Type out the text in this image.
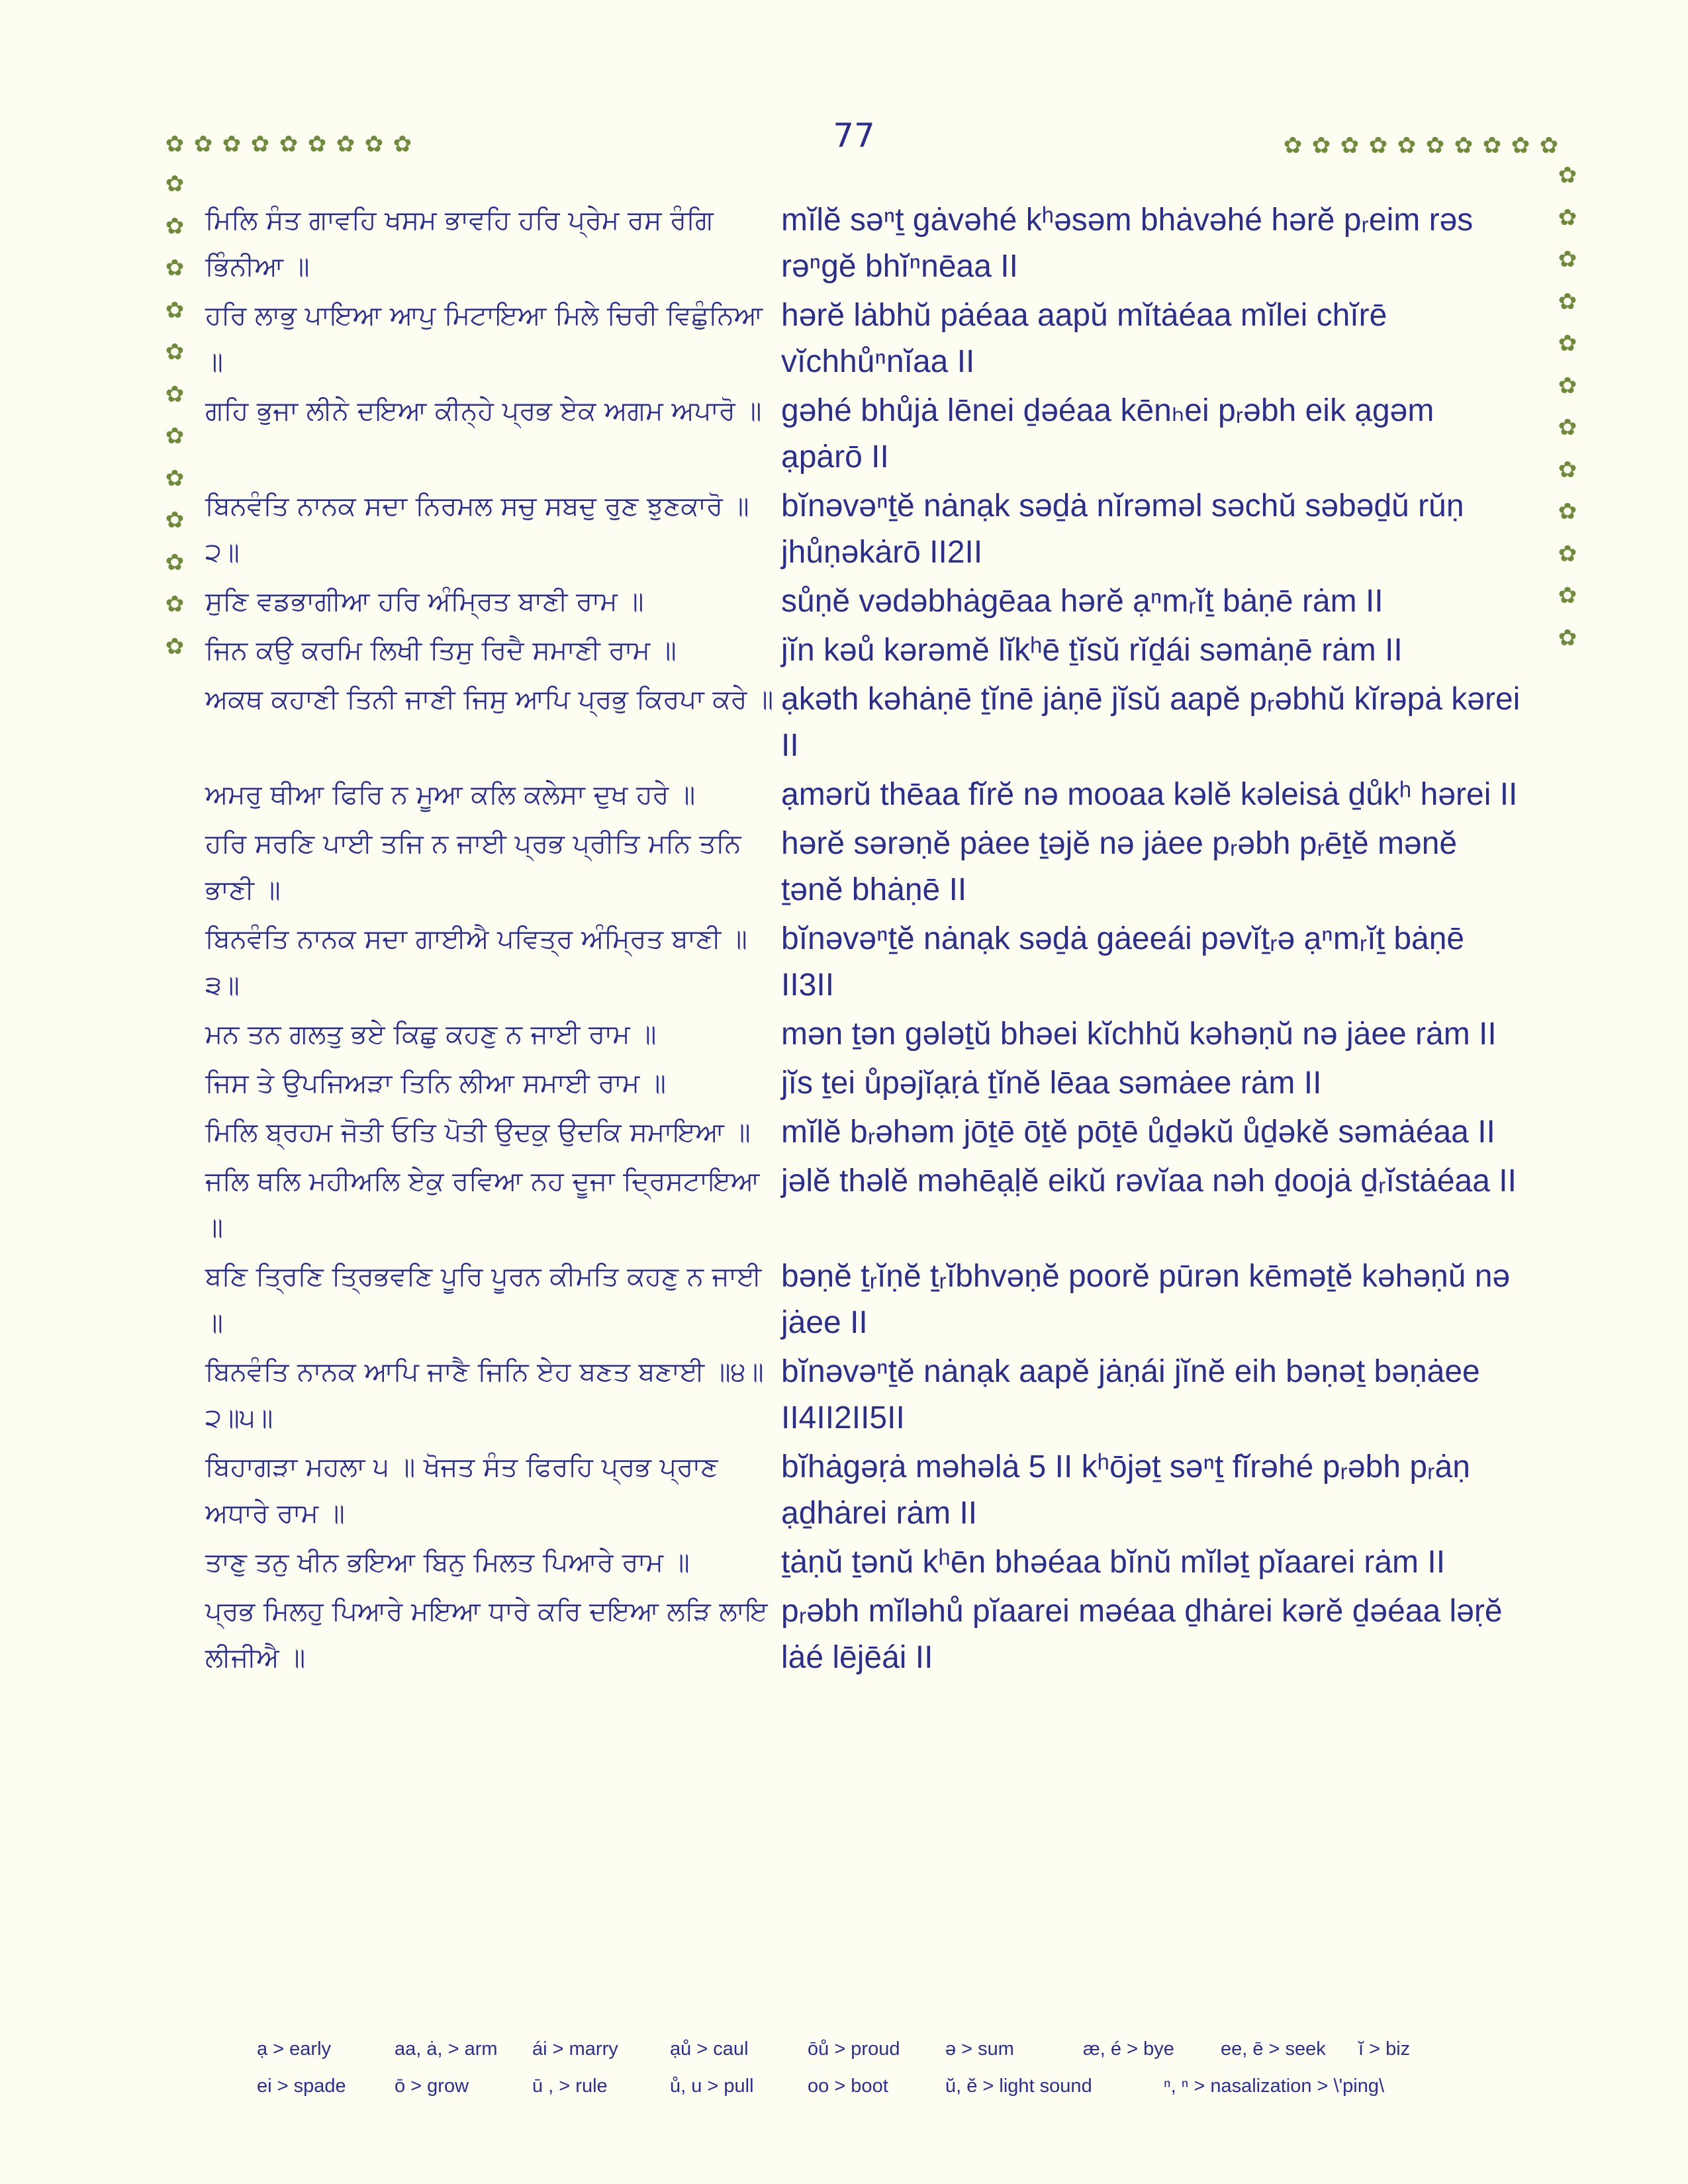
77
✿ ✿ ✿ ✿ ✿ ✿ ✿ ✿ ✿	✿ ✿ ✿ ✿ ✿ ✿ ✿ ✿ ✿ ✿
✿
✿
✿
✿
✿
✿
✿
✿
✿
✿
✿
✿
✿
✿
✿
✿
✿
✿
✿
✿
✿
✿
✿
✿
ਮਿਲਿ ਸੰਤ ਗਾਵਹਿ ਖਸਮ ਭਾਵਹਿ ਹਰਿ ਪ੍ਰੇਮ ਰਸ ਰੰਗਿ ਭਿੰਨੀਆ ॥
mĭlĕ səⁿṯ gȧvəhé kʰəsəm bhȧvəhé hərĕ pᵣeim rəs rəⁿgĕ bhĭⁿnēaa II
ਹਰਿ ਲਾਭੁ ਪਾਇਆ ਆਪੁ ਮਿਟਾਇਆ ਮਿਲੇ ਚਿਰੀ ਵਿਛੁੰਨਿਆ ॥
hərĕ lȧbhŭ pȧéaa aapŭ mĭtȧéaa mĭlei chĭrē vĭchhůⁿnĭaa II
ਗਹਿ ਭੁਜਾ ਲੀਨੇ ਦਇਆ ਕੀਨ੍ਹੇ ਪ੍ਰਭ ਏਕ ਅਗਮ ਅਪਾਰੋ ॥ gəhé bhůjȧ lēnei ḏəéaa kēnₕei pᵣəbh eik ạgəm ạpȧrō II
ਬਿਨਵੰਤਿ ਨਾਨਕ ਸਦਾ ਨਿਰਮਲ ਸਚੁ ਸਬਦੁ ਰੁਣ ਝੁਣਕਾਰੋ ॥੨॥
bĭnəvəⁿṯĕ nȧnạk səḏȧ nĭrəməl səchŭ səbəḏŭ rŭṇ jhůṇəkȧrō II2II
ਸੁਣਿ ਵਡਭਾਗੀਆ ਹਰਿ ਅੰਮ੍ਰਿਤ ਬਾਣੀ ਰਾਮ ॥	sůṇĕ vədəbhȧgēaa hərĕ ạⁿmᵣĭṯ bȧṇē rȧm II
ਜਿਨ ਕਉ ਕਰਮਿ ਲਿਖੀ ਤਿਸੁ ਰਿਦੈ ਸਮਾਣੀ ਰਾਮ ॥	jĭn kəů kərəmĕ lĭkʰē ṯĭsŭ rĭḏái səmȧṇē rȧm II
ਅਕਥ ਕਹਾਣੀ ਤਿਨੀ ਜਾਣੀ ਜਿਸੁ ਆਪਿ ਪ੍ਰਭੁ ਕਿਰਪਾ ਕਰੇ ॥ ạkəth kəhȧṇē ṯĭnē jȧṇē jĭsŭ aapĕ pᵣəbhŭ kĭrəpȧ kərei II
ਅਮਰੁ ਥੀਆ ਫਿਰਿ ਨ ਮੂਆ ਕਲਿ ਕਲੇਸਾ ਦੁਖ ਹਰੇ ॥	ạmərŭ thēaa fĭrĕ nə mooaa kəlĕ kəleisȧ ḏůkʰ hərei II
ਹਰਿ ਸਰਣਿ ਪਾਈ ਤਜਿ ਨ ਜਾਈ ਪ੍ਰਭ ਪ੍ਰੀਤਿ ਮਨਿ ਤਨਿ ਭਾਣੀ ॥
hərĕ sərəṇĕ pȧee ṯəjĕ nə jȧee pᵣəbh pᵣēṯĕ mənĕ ṯənĕ bhȧṇē II
ਬਿਨਵੰਤਿ ਨਾਨਕ ਸਦਾ ਗਾਈਐ ਪਵਿਤ੍ਰ ਅੰਮ੍ਰਿਤ ਬਾਣੀ ॥੩॥
bĭnəvəⁿṯĕ nȧnạk səḏȧ gȧeeái pəvĭṯᵣə ạⁿmᵣĭṯ bȧṇē II3II
ਮਨ ਤਨ ਗਲਤੁ ਭਏ ਕਿਛੁ ਕਹਣੁ ਨ ਜਾਈ ਰਾਮ ॥	mən ṯən gələṯŭ bhəei kĭchhŭ kəhəṇŭ nə jȧee rȧm II
ਜਿਸ ਤੇ ਉਪਜਿਅੜਾ ਤਿਨਿ ਲੀਆ ਸਮਾਈ ਰਾਮ ॥	jĭs ṯei ůpəjĭạṛȧ ṯĭnĕ lēaa səmȧee rȧm II
ਮਿਲਿ ਬ੍ਰਹਮ ਜੋਤੀ ਓਤਿ ਪੋਤੀ ਉਦਕੁ ਉਦਕਿ ਸਮਾਇਆ ॥ mĭlĕ bᵣəhəm jōṯē ōṯĕ pōṯē ůḏəkŭ ůḏəkĕ səmȧéaa II
ਜਲਿ ਥਲਿ ਮਹੀਅਲਿ ਏਕੁ ਰਵਿਆ ਨਹ ਦੂਜਾ ਦ੍ਰਿਸਟਾਇਆ ॥
jəlĕ thəlĕ məhēạḷĕ eikŭ rəvĭaa nəh ḏoojȧ ḏᵣĭstȧéaa II
ਬਣਿ ਤ੍ਰਿਣਿ ਤ੍ਰਿਭਵਣਿ ਪੂਰਿ ਪੂਰਨ ਕੀਮਤਿ ਕਹਣੁ ਨ ਜਾਈ ॥
bəṇĕ ṯᵣĭṇĕ ṯᵣĭbhvəṇĕ poorĕ pūrən kēməṯĕ kəhəṇŭ nə jȧee II
ਬਿਨਵੰਤਿ ਨਾਨਕ ਆਪਿ ਜਾਣੈ ਜਿਨਿ ਏਹ ਬਣਤ ਬਣਾਈ ॥੪॥੨॥੫॥
bĭnəvəⁿṯĕ nȧnạk aapĕ jȧṇái jĭnĕ eih bəṇəṯ bəṇȧee II4II2II5II
ਬਿਹਾਗੜਾ ਮਹਲਾ ੫ ॥ ਖੋਜਤ ਸੰਤ ਫਿਰਹਿ ਪ੍ਰਭ ਪ੍ਰਾਣ ਅਧਾਰੇ ਰਾਮ ॥
bĭhȧgəṛȧ məhəlȧ 5 II kʰōjəṯ səⁿṯ fĭrəhé pᵣəbh pᵣȧṇ ạḏhȧrei rȧm II
ਤਾਣੁ ਤਨੁ ਖੀਨ ਭਇਆ ਬਿਨੁ ਮਿਲਤ ਪਿਆਰੇ ਰਾਮ ॥	ṯȧṇŭ ṯənŭ kʰēn bhəéaa bĭnŭ mĭləṯ pĭaarei rȧm II
ਪ੍ਰਭ ਮਿਲਹੁ ਪਿਆਰੇ ਮਇਆ ਧਾਰੇ ਕਰਿ ਦਇਆ ਲੜਿ ਲਾਇ ਲੀਜੀਐ ॥
pᵣəbh mĭləhů pĭaarei məéaa ḏhȧrei kərĕ ḏəéaa ləṛĕ lȧé lējēái II
ạ > early	aa, ȧ, > arm	ái > marry	ạů > caul	ōů > proud	ə > sum	æ, é > bye	ee, ē > seek	ĭ > biz
ei > spade	ō > grow	ū , > rule	ů, u > pull	oo > boot	ŭ, ĕ > light sound	ⁿ, ⁿ > nasalization > \'ping\
